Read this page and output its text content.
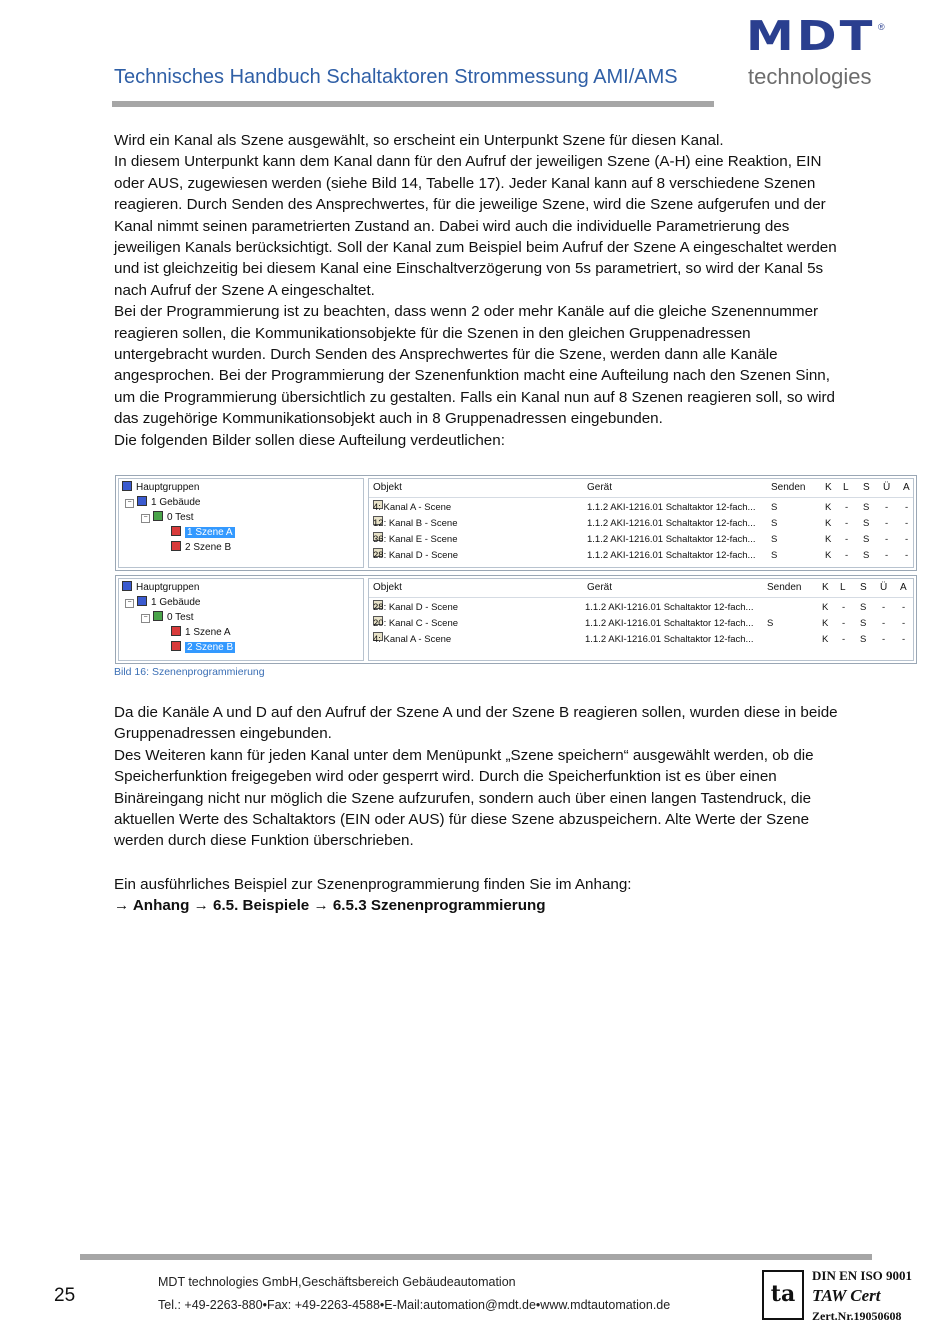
Technisches Handbuch Schaltaktoren Strommessung AMI/AMS
MDT ®
technologies

Wird ein Kanal als Szene ausgewählt, so erscheint ein Unterpunkt Szene für diesen Kanal.

In diesem Unterpunkt kann dem Kanal dann für den Aufruf der jeweiligen Szene (A-H) eine Reaktion, EIN oder AUS, zugewiesen werden (siehe Bild 14, Tabelle 17). Jeder Kanal kann auf 8 verschiedene Szenen reagieren. Durch Senden des Ansprechwertes, für die jeweilige Szene, wird die Szene aufgerufen und der Kanal nimmt seinen parametrierten Zustand an. Dabei wird auch die individuelle Parametrierung des jeweiligen Kanals berücksichtigt. Soll der Kanal zum Beispiel beim Aufruf der Szene A eingeschaltet werden und ist gleichzeitig bei diesem Kanal eine Einschaltverzögerung von 5s parametriert, so wird der Kanal 5s nach Aufruf der Szene A eingeschaltet.

Bei der Programmierung ist zu beachten, dass wenn 2 oder mehr Kanäle auf die gleiche Szenennummer reagieren sollen, die Kommunikationsobjekte für die Szenen in den gleichen Gruppenadressen untergebracht wurden. Durch Senden des Ansprechwertes für die Szene, werden dann alle Kanäle angesprochen. Bei der Programmierung der Szenenfunktion macht eine Aufteilung nach den Szenen Sinn, um die Programmierung übersichtlich zu gestalten. Falls ein Kanal nun auf 8 Szenen reagieren soll, so wird das zugehörige Kommunikationsobjekt auch in 8 Gruppenadressen eingebunden.

Die folgenden Bilder sollen diese Aufteilung verdeutlichen:

Hauptgruppen
− 1 Gebäude
− 0 Test
1 Szene A
2 Szene B
Objekt	Gerät	Senden K L S Ü A
4: Kanal A - Scene	1.1.2 AKI-1216.01 Schaltaktor 12-fach... S	K - S - -
12: Kanal B - Scene	1.1.2 AKI-1216.01 Schaltaktor 12-fach... S	K - S - -
36: Kanal E - Scene	1.1.2 AKI-1216.01 Schaltaktor 12-fach... S	K - S - -
28: Kanal D - Scene	1.1.2 AKI-1216.01 Schaltaktor 12-fach... S	K - S - -
Hauptgruppen
− 1 Gebäude
− 0 Test
1 Szene A
2 Szene B
Objekt	Gerät	Senden K L S Ü A
28: Kanal D - Scene	1.1.2 AKI-1216.01 Schaltaktor 12-fach...	K - S - -
20: Kanal C - Scene	1.1.2 AKI-1216.01 Schaltaktor 12-fach... S	K - S - -
4: Kanal A - Scene	1.1.2 AKI-1216.01 Schaltaktor 12-fach...	K - S - -
Bild 16: Szenenprogrammierung

Da die Kanäle A und D auf den Aufruf der Szene A und der Szene B reagieren sollen, wurden diese in beide Gruppenadressen eingebunden.

Des Weiteren kann für jeden Kanal unter dem Menüpunkt „Szene speichern“ ausgewählt werden, ob die Speicherfunktion freigegeben wird oder gesperrt wird. Durch die Speicherfunktion ist es über einen Binäreingang nicht nur möglich die Szene aufzurufen, sondern auch über einen langen Tastendruck, die aktuellen Werte des Schaltaktors (EIN oder AUS) für diese Szene abzuspeichern. Alte Werte der Szene werden durch diese Funktion überschrieben.

Ein ausführliches Beispiel zur Szenenprogrammierung finden Sie im Anhang:

→ Anhang → 6.5. Beispiele → 6.5.3 Szenenprogrammierung

25
MDT technologies GmbH,Geschäftsbereich Gebäudeautomation
Tel.: +49-2263-880•Fax: +49-2263-4588•E-Mail:automation@mdt.de•www.mdtautomation.de	ta
DIN EN ISO 9001
TAW Cert
Zert.Nr.19050608
